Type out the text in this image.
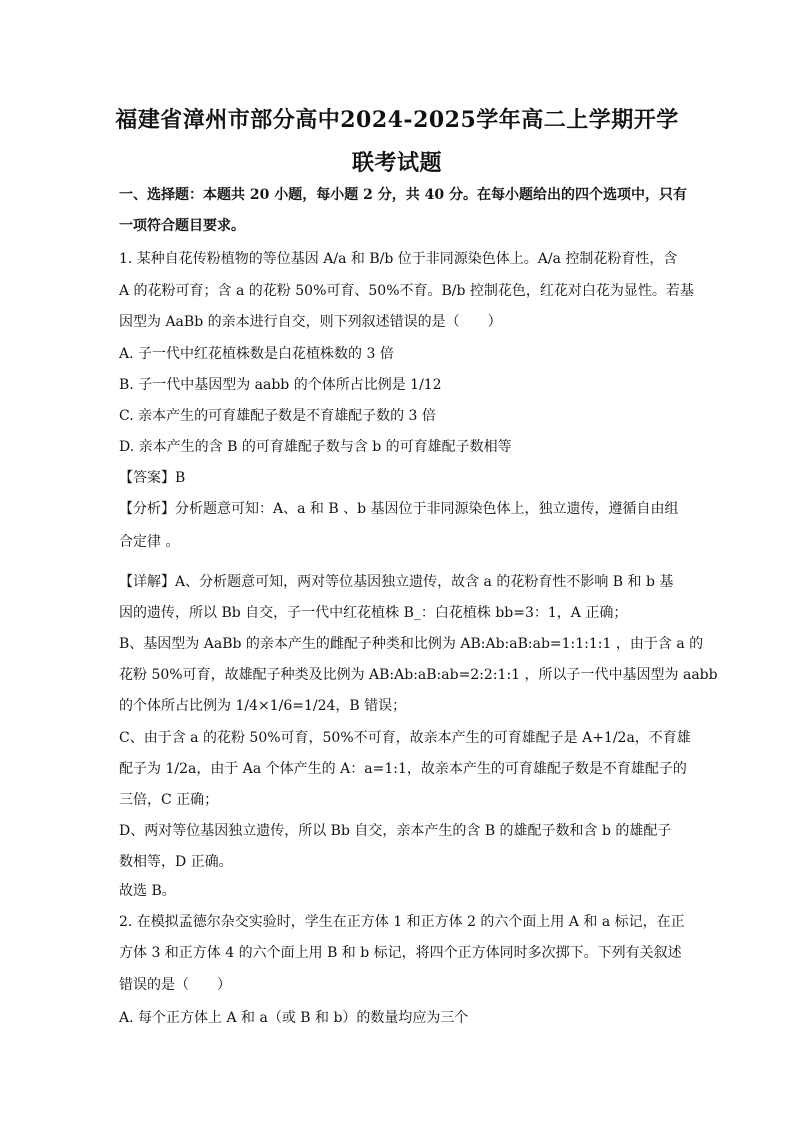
福建省漳州市部分高中2024-2025学年高二上学期开学
联考试题
一、选择题：本题共 20 小题，每小题 2 分，共 40 分。在每小题给出的四个选项中，只有
一项符合题目要求。
1. 某种自花传粉植物的等位基因 A/a 和 B/b 位于非同源染色体上。A/a 控制花粉育性，含
A 的花粉可育；含 a 的花粉 50%可育、50%不育。B/b 控制花色，红花对白花为显性。若基
因型为 AaBb 的亲本进行自交，则下列叙述错误的是（　　）
A. 子一代中红花植株数是白花植株数的 3 倍
B. 子一代中基因型为 aabb 的个体所占比例是 1/12
C. 亲本产生的可育雄配子数是不育雄配子数的 3 倍
D. 亲本产生的含 B 的可育雄配子数与含 b 的可育雄配子数相等
【答案】B
【分析】分析题意可知：A、a 和 B 、b 基因位于非同源染色体上，独立遗传，遵循自由组
合定律 。
【详解】A、分析题意可知，两对等位基因独立遗传，故含 a 的花粉育性不影响 B 和 b 基
因的遗传，所以 Bb 自交，子一代中红花植株 B_：白花植株 bb=3：1，A 正确；
B、基因型为 AaBb 的亲本产生的雌配子种类和比例为 AB:Ab:aB:ab=1:1:1:1 ，由于含 a 的
花粉 50%可育，故雄配子种类及比例为 AB:Ab:aB:ab=2:2:1:1 ，所以子一代中基因型为 aabb
的个体所占比例为 1/4×1/6=1/24，B 错误；
C、由于含 a 的花粉 50%可育，50%不可育，故亲本产生的可育雄配子是 A+1/2a，不育雄
配子为 1/2a，由于 Aa 个体产生的 A：a=1:1，故亲本产生的可育雄配子数是不育雄配子的
三倍，C 正确；
D、两对等位基因独立遗传，所以 Bb 自交，亲本产生的含 B 的雄配子数和含 b 的雄配子
数相等，D 正确。
故选 B。
2. 在模拟孟德尔杂交实验时，学生在正方体 1 和正方体 2 的六个面上用 A 和 a 标记，在正
方体 3 和正方体 4 的六个面上用 B 和 b 标记，将四个正方体同时多次掷下。下列有关叙述
错误的是（　　）
A. 每个正方体上 A 和 a（或 B 和 b）的数量均应为三个
